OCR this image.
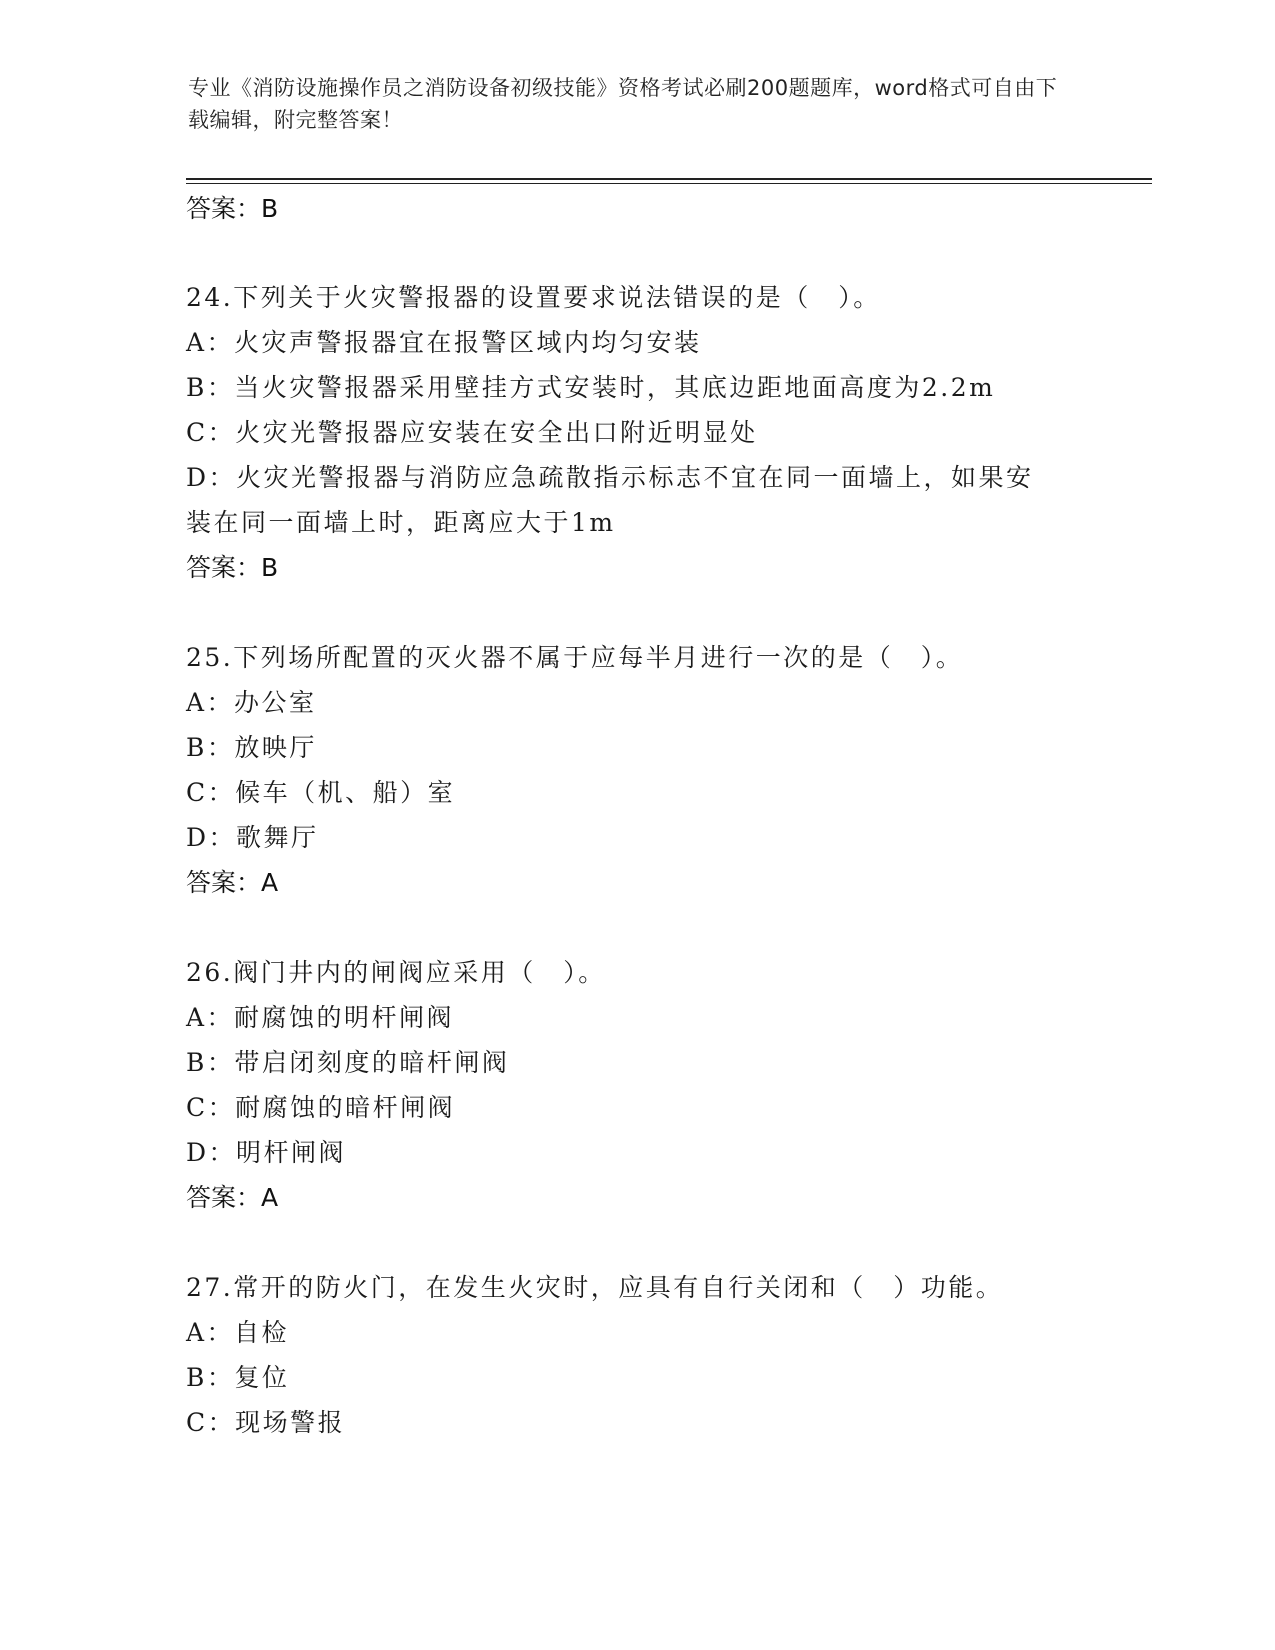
专业《消防设施操作员之消防设备初级技能》资格考试必刷200题题库，word格式可自由下载编辑，附完整答案！
答案：B
24.下列关于火灾警报器的设置要求说法错误的是（　）。
A：火灾声警报器宜在报警区域内均匀安装
B：当火灾警报器采用壁挂方式安装时，其底边距地面高度为2.2m
C：火灾光警报器应安装在安全出口附近明显处
D：火灾光警报器与消防应急疏散指示标志不宜在同一面墙上，如果安
装在同一面墙上时，距离应大于1m
答案：B
25.下列场所配置的灭火器不属于应每半月进行一次的是（　）。
A：办公室
B：放映厅
C：候车（机、船）室
D：歌舞厅
答案：A
26.阀门井内的闸阀应采用（　）。
A：耐腐蚀的明杆闸阀
B：带启闭刻度的暗杆闸阀
C：耐腐蚀的暗杆闸阀
D：明杆闸阀
答案：A
27.常开的防火门，在发生火灾时，应具有自行关闭和（　）功能。
A：自检
B：复位
C：现场警报
